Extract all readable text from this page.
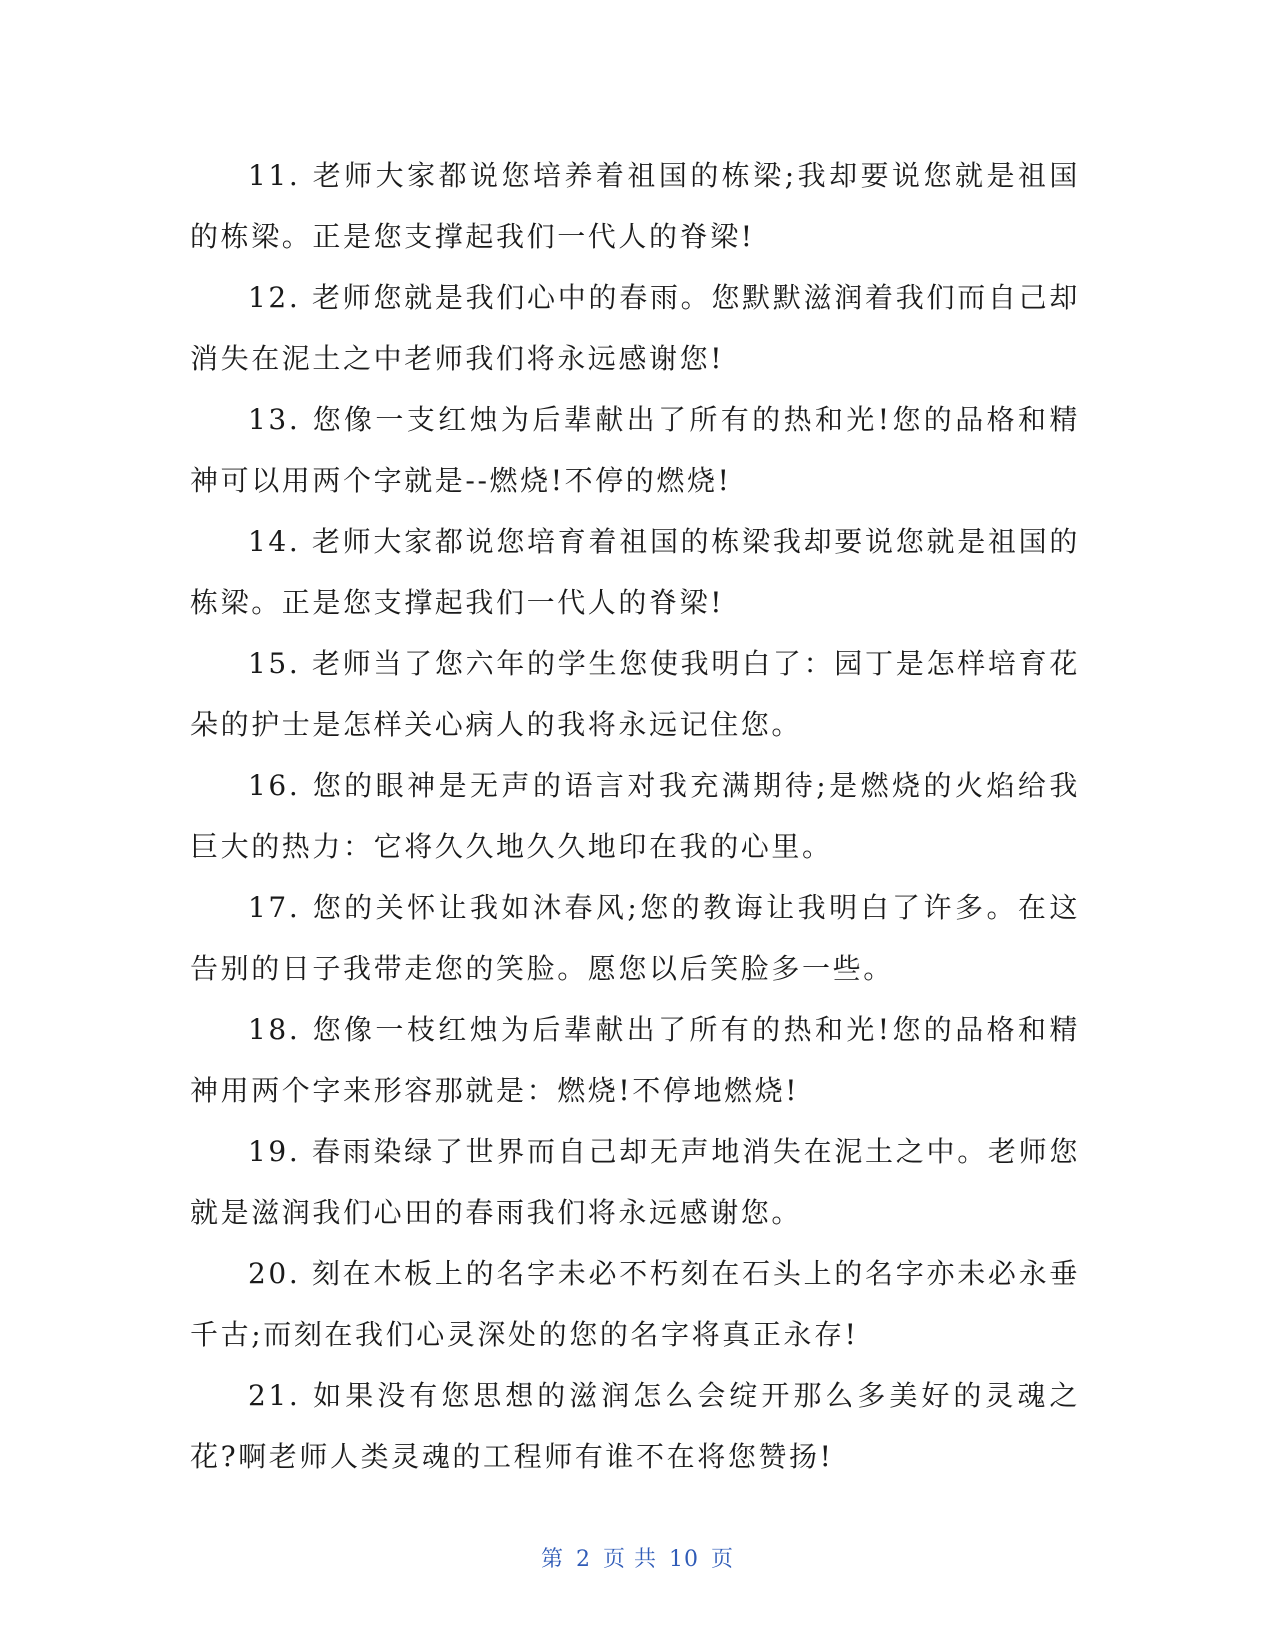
11. 老师大家都说您培养着祖国的栋梁;我却要说您就是祖国的栋梁。正是您支撑起我们一代人的脊梁!

12. 老师您就是我们心中的春雨。您默默滋润着我们而自己却消失在泥土之中老师我们将永远感谢您!

13. 您像一支红烛为后辈献出了所有的热和光!您的品格和精神可以用两个字就是--燃烧!不停的燃烧!

14. 老师大家都说您培育着祖国的栋梁我却要说您就是祖国的栋梁。正是您支撑起我们一代人的脊梁!

15. 老师当了您六年的学生您使我明白了：园丁是怎样培育花朵的护士是怎样关心病人的我将永远记住您。

16. 您的眼神是无声的语言对我充满期待;是燃烧的火焰给我巨大的热力：它将久久地久久地印在我的心里。

17. 您的关怀让我如沐春风;您的教诲让我明白了许多。在这告别的日子我带走您的笑脸。愿您以后笑脸多一些。

18. 您像一枝红烛为后辈献出了所有的热和光!您的品格和精神用两个字来形容那就是：燃烧!不停地燃烧!

19. 春雨染绿了世界而自己却无声地消失在泥土之中。老师您就是滋润我们心田的春雨我们将永远感谢您。

20. 刻在木板上的名字未必不朽刻在石头上的名字亦未必永垂千古;而刻在我们心灵深处的您的名字将真正永存!

21. 如果没有您思想的滋润怎么会绽开那么多美好的灵魂之花?啊老师人类灵魂的工程师有谁不在将您赞扬!

第 2 页 共 10 页
